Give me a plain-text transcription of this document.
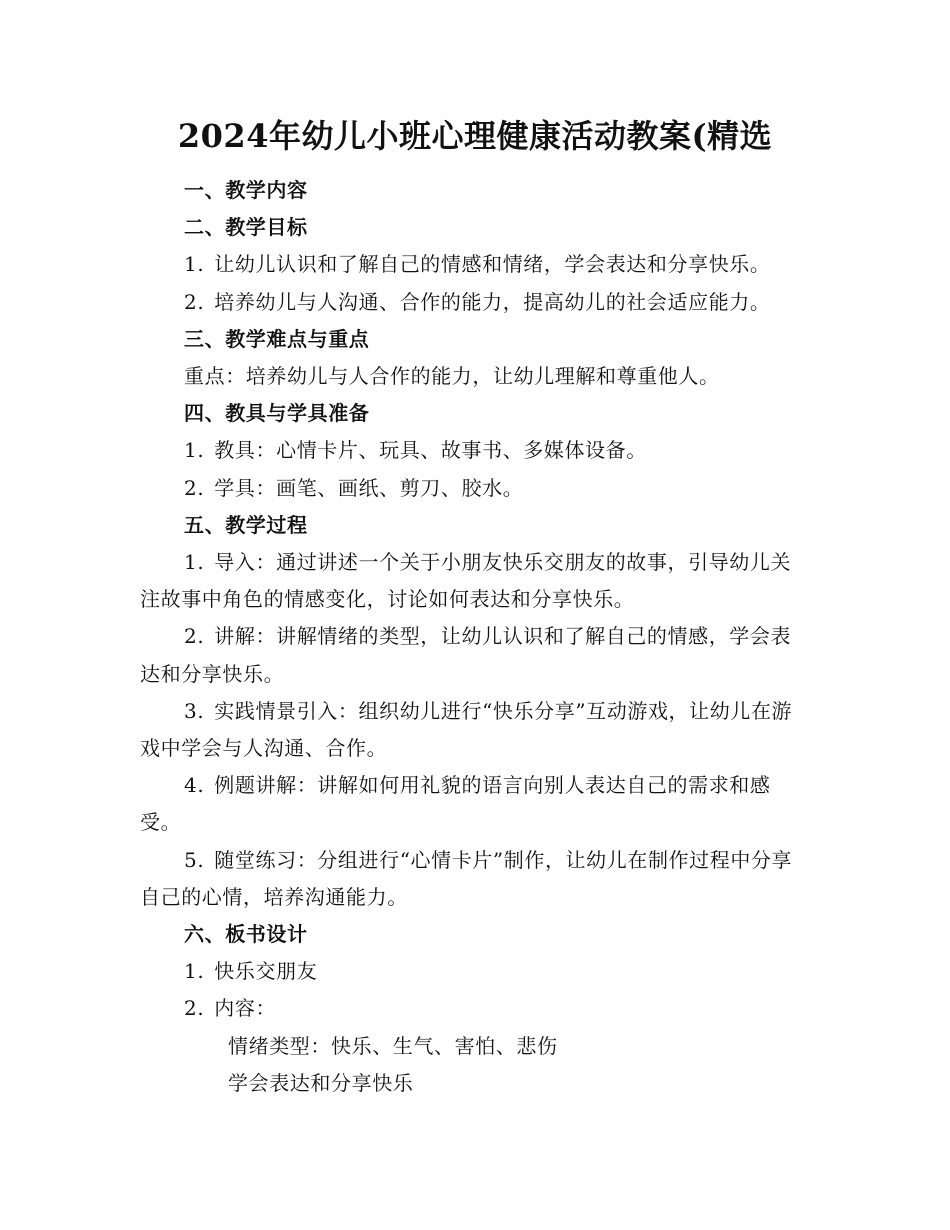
2024年幼儿小班心理健康活动教案(精选

一、教学内容

二、教学目标

1. 让幼儿认识和了解自己的情感和情绪，学会表达和分享快乐。

2. 培养幼儿与人沟通、合作的能力，提高幼儿的社会适应能力。

三、教学难点与重点

重点：培养幼儿与人合作的能力，让幼儿理解和尊重他人。

四、教具与学具准备

1. 教具：心情卡片、玩具、故事书、多媒体设备。

2. 学具：画笔、画纸、剪刀、胶水。

五、教学过程

1. 导入：通过讲述一个关于小朋友快乐交朋友的故事，引导幼儿关注故事中角色的情感变化，讨论如何表达和分享快乐。

2. 讲解：讲解情绪的类型，让幼儿认识和了解自己的情感，学会表达和分享快乐。

3. 实践情景引入：组织幼儿进行“快乐分享”互动游戏，让幼儿在游戏中学会与人沟通、合作。

4. 例题讲解：讲解如何用礼貌的语言向别人表达自己的需求和感受。

5. 随堂练习：分组进行“心情卡片”制作，让幼儿在制作过程中分享自己的心情，培养沟通能力。

六、板书设计

1. 快乐交朋友

2. 内容：

情绪类型：快乐、生气、害怕、悲伤

学会表达和分享快乐
